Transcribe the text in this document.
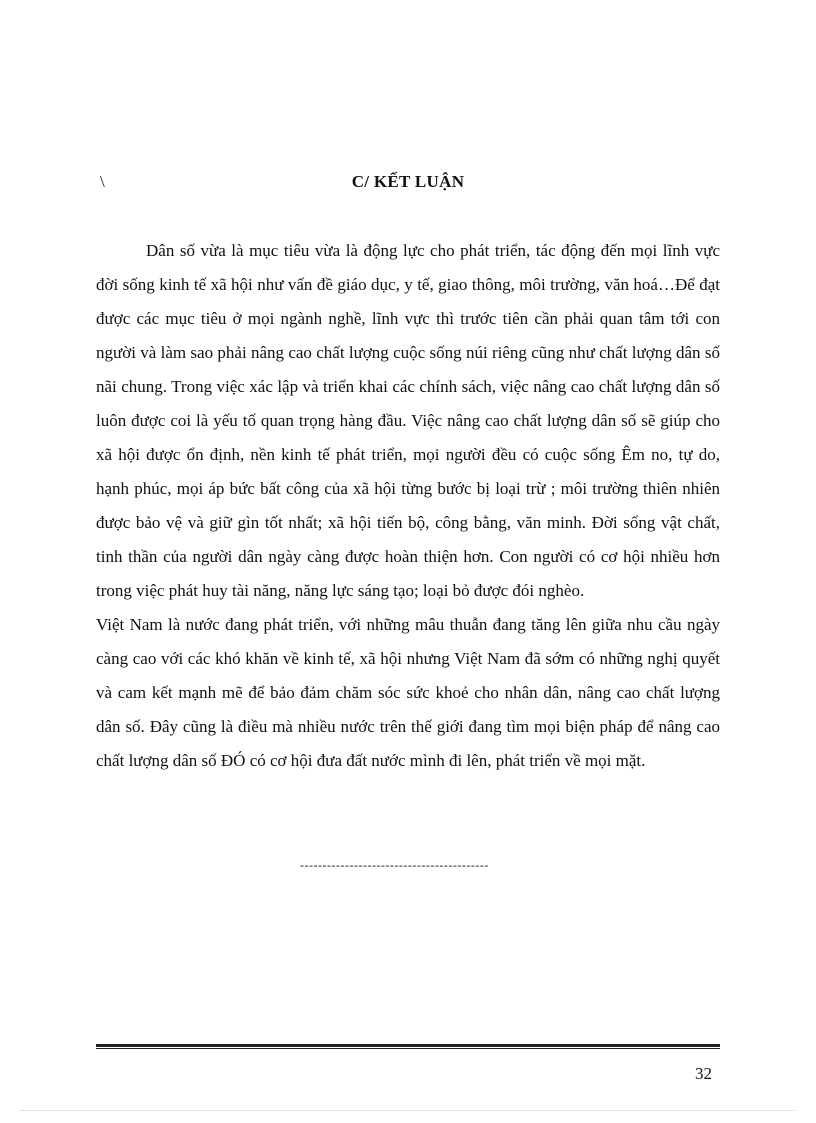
\	C/ KẾT LUẬN

Dân số vừa là mục tiêu vừa là động lực cho phát triển, tác động đến mọi lĩnh vực đời sống kinh tế xã hội như vấn đề giáo dục, y tế, giao thông, môi trường, văn hoá…Để đạt được các mục tiêu ở mọi ngành nghề, lĩnh vực thì trước tiên cần phải quan tâm tới con người và làm sao phải nâng cao chất lượng cuộc sống núi riêng cũng như chất lượng dân số nãi chung. Trong việc xác lập và triển khai các chính sách, việc nâng cao chất lượng dân số luôn được coi là yếu tố quan trọng hàng đầu. Việc nâng cao chất lượng dân số sẽ giúp cho xã hội được ổn định, nền kinh tế phát triển, mọi người đều có cuộc sống Êm no, tự do, hạnh phúc, mọi áp bức bất công của xã hội từng bước bị loại trừ ; môi trường thiên nhiên được bảo vệ và giữ gìn tốt nhất; xã hội tiến bộ, công bằng, văn minh. Đời sống vật chất, tinh thần của người dân ngày càng được hoàn thiện hơn. Con người có cơ hội nhiều hơn trong việc phát huy tài năng, năng lực sáng tạo; loại bỏ được đói nghèo.

Việt Nam là nước đang phát triển, với những mâu thuẫn đang tăng lên giữa nhu cầu ngày càng cao với các khó khăn về kinh tế, xã hội nhưng Việt Nam đã sớm có những nghị quyết và cam kết mạnh mẽ để bảo đảm chăm sóc sức khoẻ cho nhân dân, nâng cao chất lượng dân số. Đây cũng là điều mà nhiều nước trên thế giới đang tìm mọi biện pháp để nâng cao chất lượng dân số ĐÓ có cơ hội đưa đất nước mình đi lên, phát triển về mọi mặt.

------------------------------------------
32
